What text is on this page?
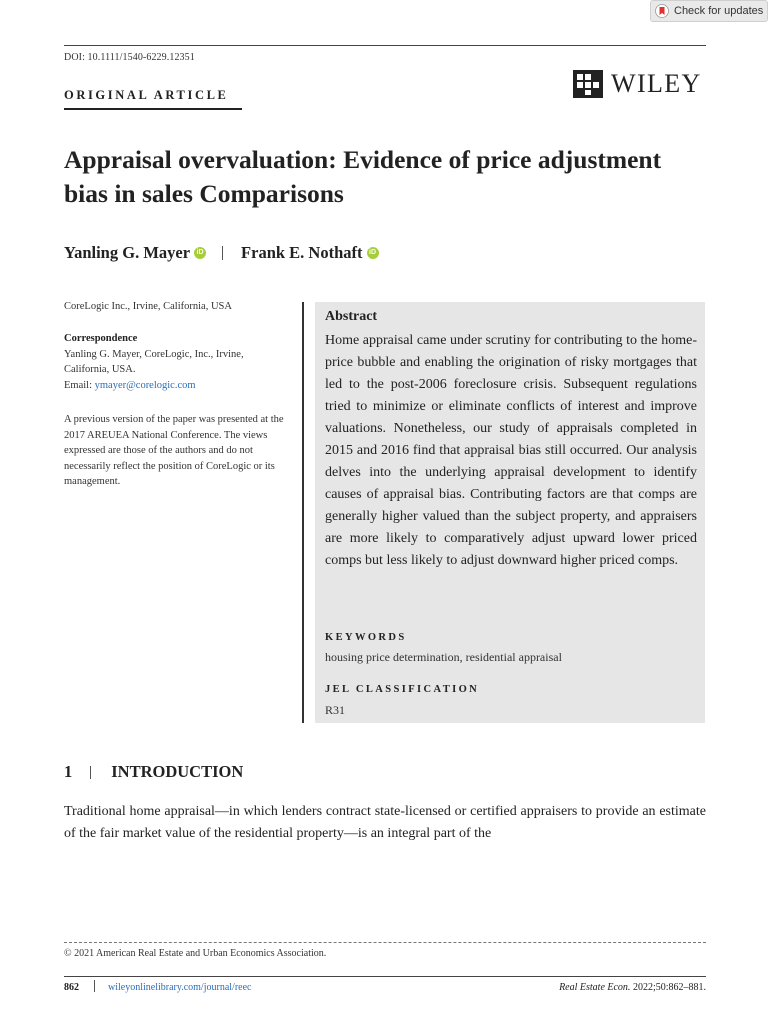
Check for updates
DOI: 10.1111/1540-6229.12351
ORIGINAL ARTICLE	WILEY
Appraisal overvaluation: Evidence of price adjustment bias in sales Comparisons
Yanling G. Mayer iD Frank E. Nothaft iD
CoreLogic Inc., Irvine, California, USA
Correspondence
Yanling G. Mayer, CoreLogic, Inc., Irvine, California, USA.
Email: ymayer@corelogic.com
A previous version of the paper was presented at the 2017 AREUEA National Conference. The views expressed are those of the authors and do not necessarily reflect the position of CoreLogic or its management.
Abstract
Home appraisal came under scrutiny for contributing to the home-price bubble and enabling the origination of risky mortgages that led to the post-2006 foreclosure crisis. Subsequent regulations tried to minimize or eliminate conflicts of interest and improve valuations. Nonetheless, our study of appraisals completed in 2015 and 2016 find that appraisal bias still occurred. Our analysis delves into the underlying appraisal development to identify causes of appraisal bias. Contributing factors are that comps are generally higher valued than the subject property, and appraisers are more likely to comparatively adjust upward lower priced comps but less likely to adjust downward higher priced comps.
KEYWORDS
housing price determination, residential appraisal
JEL CLASSIFICATION
R31
1 INTRODUCTION
Traditional home appraisal—in which lenders contract state-licensed or certified appraisers to provide an estimate of the fair market value of the residential property—is an integral part of the
© 2021 American Real Estate and Urban Economics Association.
862	wileyonlinelibrary.com/journal/reec	Real Estate Econ. 2022;50:862–881.
